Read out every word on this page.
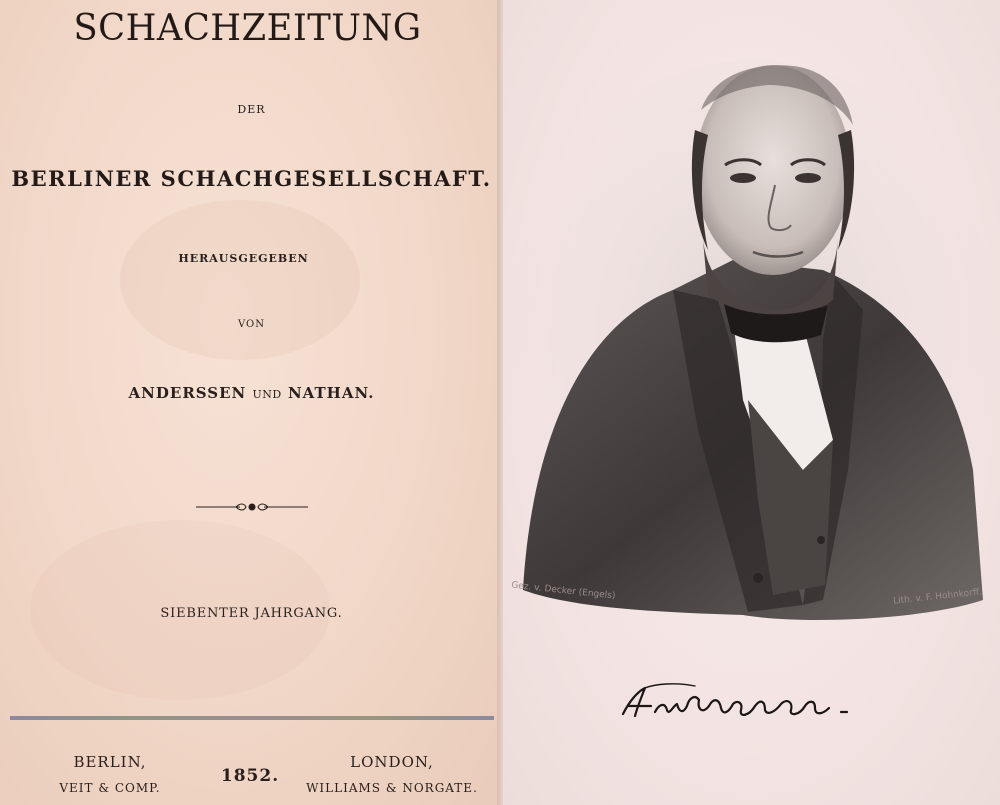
SCHACHZEITUNG
DER
BERLINER SCHACHGESELLSCHAFT.
HERAUSGEGEBEN
VON
ANDERSSEN UND NATHAN.
SIEBENTER JAHRGANG.
BERLIN,
VEIT & COMP.
1852.
LONDON,
WILLIAMS & NORGATE.
Gez. v. Decker (Engels)	Lith. v. F. Hohnkorff.
